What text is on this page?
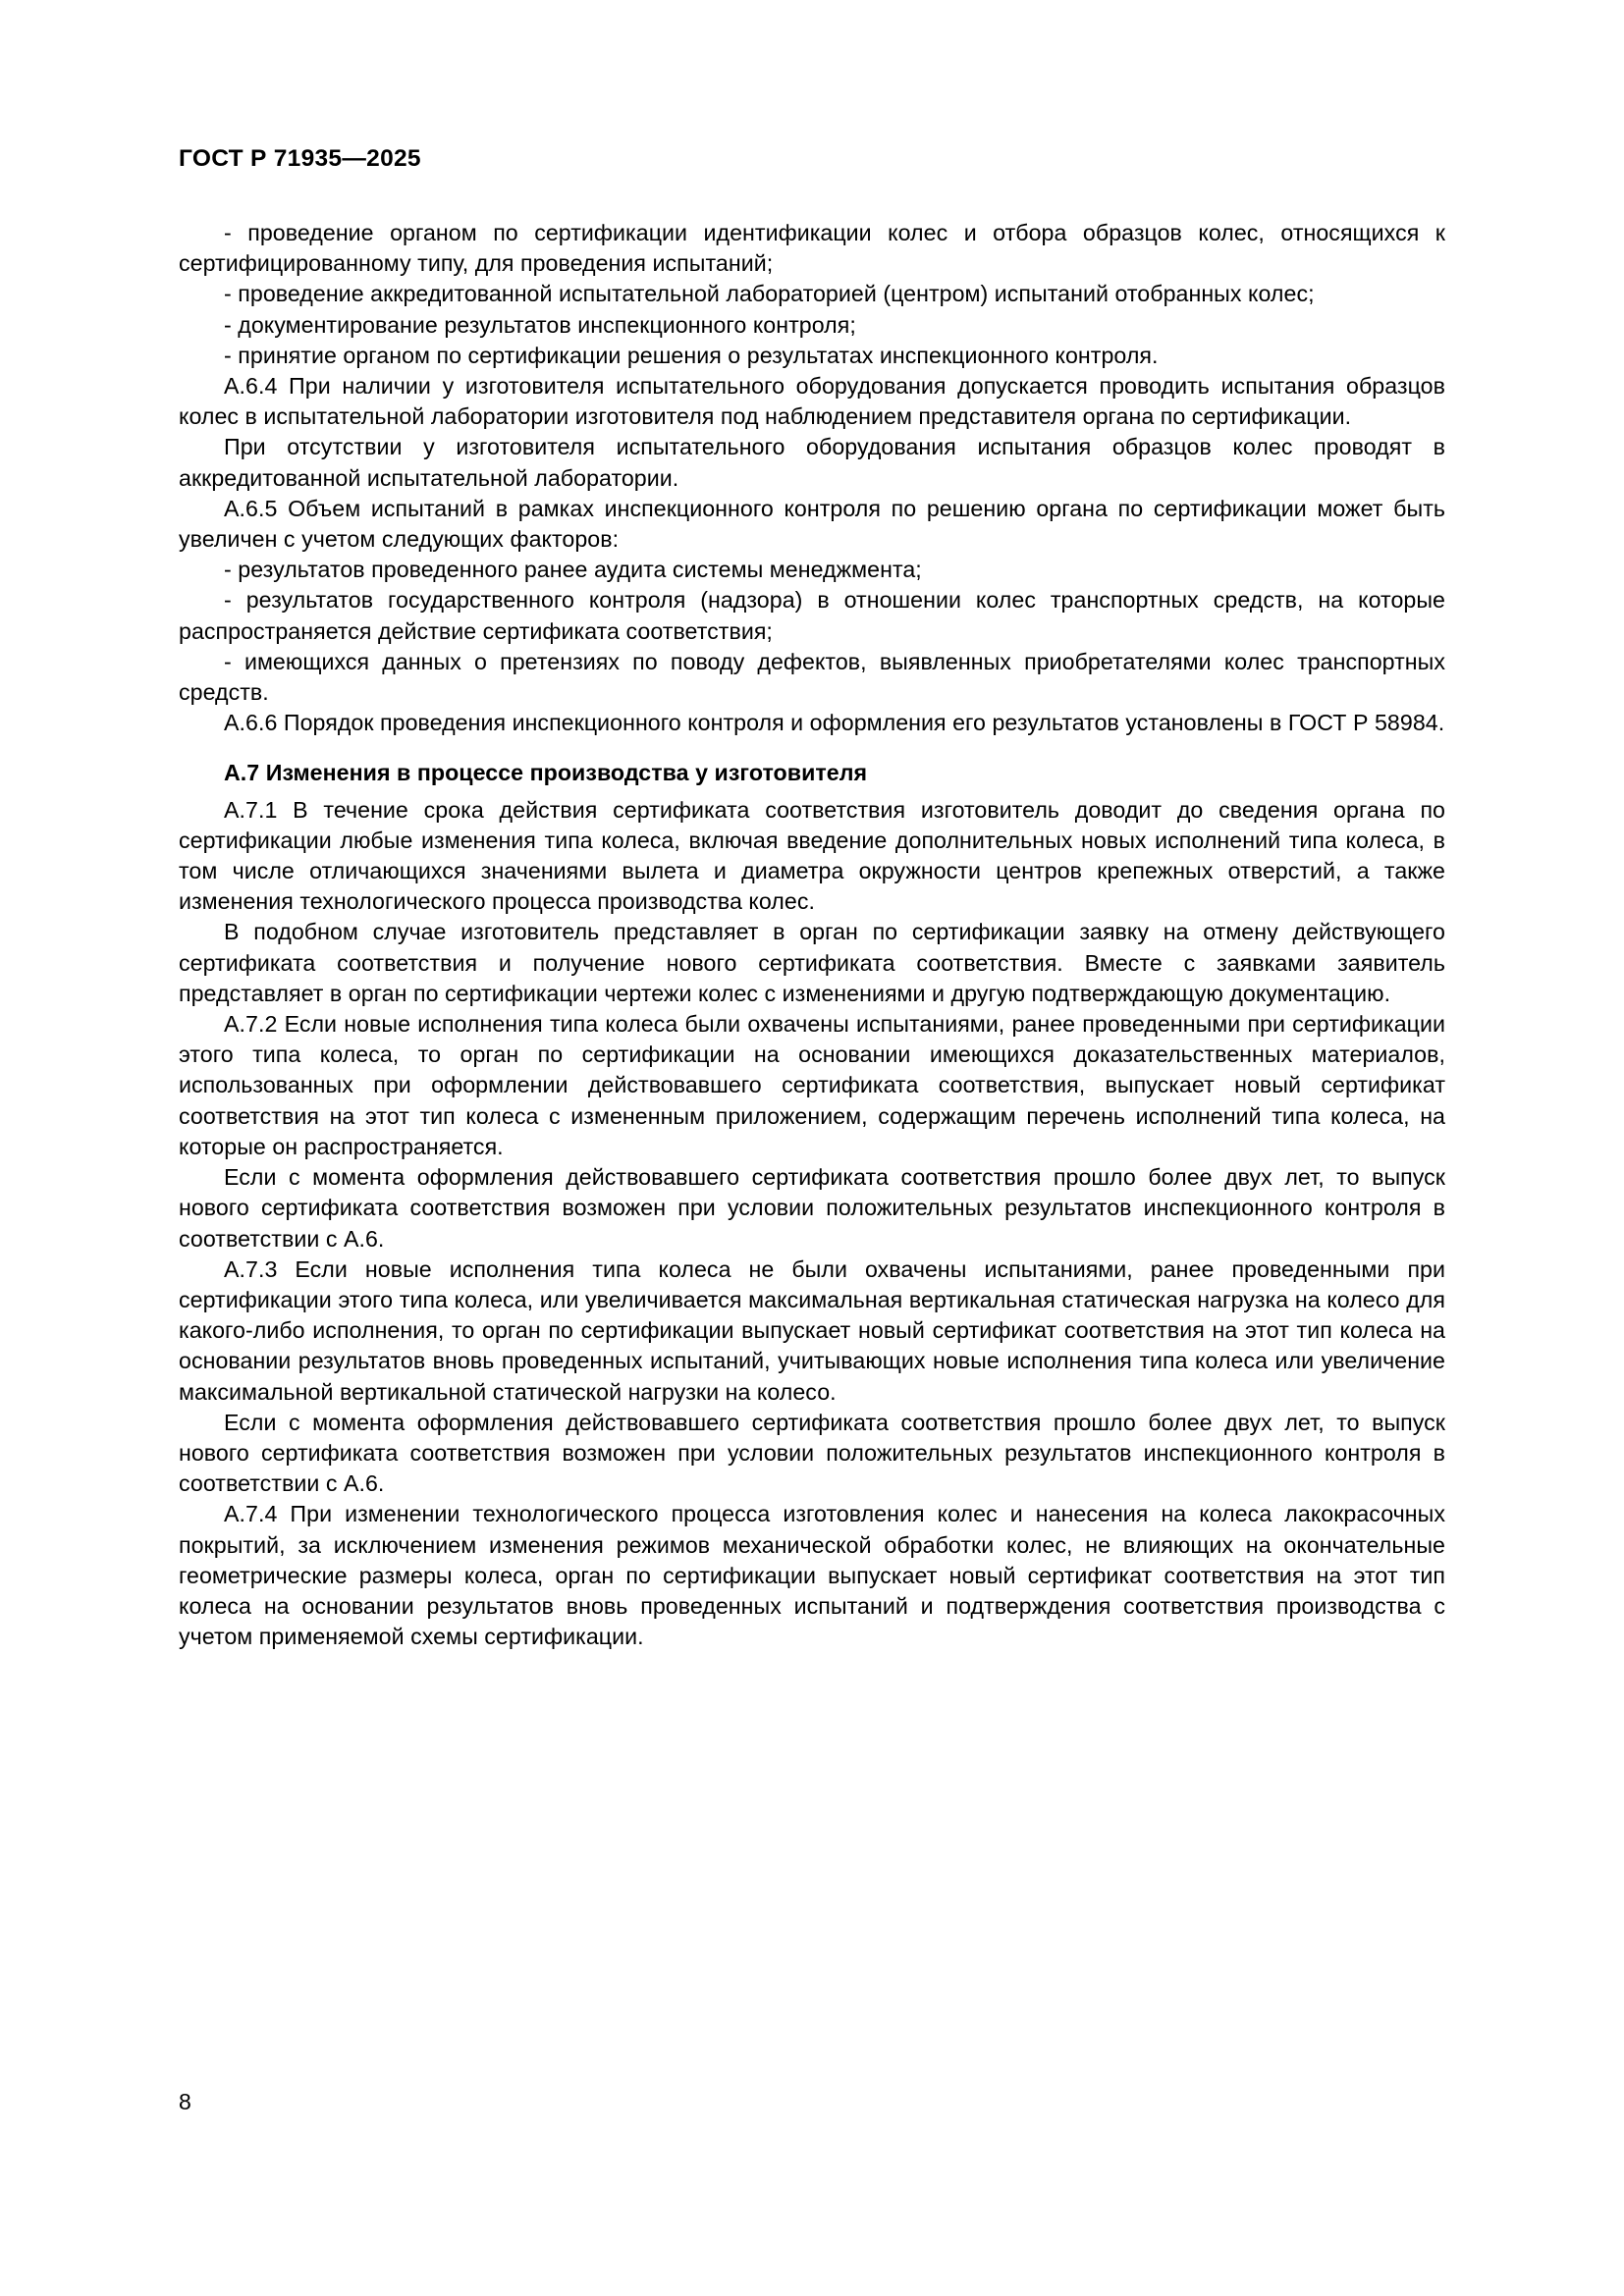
ГОСТ Р 71935—2025

- проведение органом по сертификации идентификации колес и отбора образцов колес, относящихся к сертифицированному типу, для проведения испытаний;

- проведение аккредитованной испытательной лабораторией (центром) испытаний отобранных колес;

- документирование результатов инспекционного контроля;

- принятие органом по сертификации решения о результатах инспекционного контроля.

А.6.4 При наличии у изготовителя испытательного оборудования допускается проводить испытания образцов колес в испытательной лаборатории изготовителя под наблюдением представителя органа по сертификации.

При отсутствии у изготовителя испытательного оборудования испытания образцов колес проводят в аккредитованной испытательной лаборатории.

А.6.5 Объем испытаний в рамках инспекционного контроля по решению органа по сертификации может быть увеличен с учетом следующих факторов:

- результатов проведенного ранее аудита системы менеджмента;

- результатов государственного контроля (надзора) в отношении колес транспортных средств, на которые распространяется действие сертификата соответствия;

- имеющихся данных о претензиях по поводу дефектов, выявленных приобретателями колес транспортных средств.

А.6.6 Порядок проведения инспекционного контроля и оформления его результатов установлены в ГОСТ Р 58984.

А.7 Изменения в процессе производства у изготовителя

А.7.1 В течение срока действия сертификата соответствия изготовитель доводит до сведения органа по сертификации любые изменения типа колеса, включая введение дополнительных новых исполнений типа колеса, в том числе отличающихся значениями вылета и диаметра окружности центров крепежных отверстий, а также изменения технологического процесса производства колес.

В подобном случае изготовитель представляет в орган по сертификации заявку на отмену действующего сертификата соответствия и получение нового сертификата соответствия. Вместе с заявками заявитель представляет в орган по сертификации чертежи колес с изменениями и другую подтверждающую документацию.

А.7.2 Если новые исполнения типа колеса были охвачены испытаниями, ранее проведенными при сертификации этого типа колеса, то орган по сертификации на основании имеющихся доказательственных материалов, использованных при оформлении действовавшего сертификата соответствия, выпускает новый сертификат соответствия на этот тип колеса с измененным приложением, содержащим перечень исполнений типа колеса, на которые он распространяется.

Если с момента оформления действовавшего сертификата соответствия прошло более двух лет, то выпуск нового сертификата соответствия возможен при условии положительных результатов инспекционного контроля в соответствии с А.6.

А.7.3 Если новые исполнения типа колеса не были охвачены испытаниями, ранее проведенными при сертификации этого типа колеса, или увеличивается максимальная вертикальная статическая нагрузка на колесо для какого-либо исполнения, то орган по сертификации выпускает новый сертификат соответствия на этот тип колеса на основании результатов вновь проведенных испытаний, учитывающих новые исполнения типа колеса или увеличение максимальной вертикальной статической нагрузки на колесо.

Если с момента оформления действовавшего сертификата соответствия прошло более двух лет, то выпуск нового сертификата соответствия возможен при условии положительных результатов инспекционного контроля в соответствии с А.6.

А.7.4 При изменении технологического процесса изготовления колес и нанесения на колеса лакокрасочных покрытий, за исключением изменения режимов механической обработки колес, не влияющих на окончательные геометрические размеры колеса, орган по сертификации выпускает новый сертификат соответствия на этот тип колеса на основании результатов вновь проведенных испытаний и подтверждения соответствия производства с учетом применяемой схемы сертификации.

8
